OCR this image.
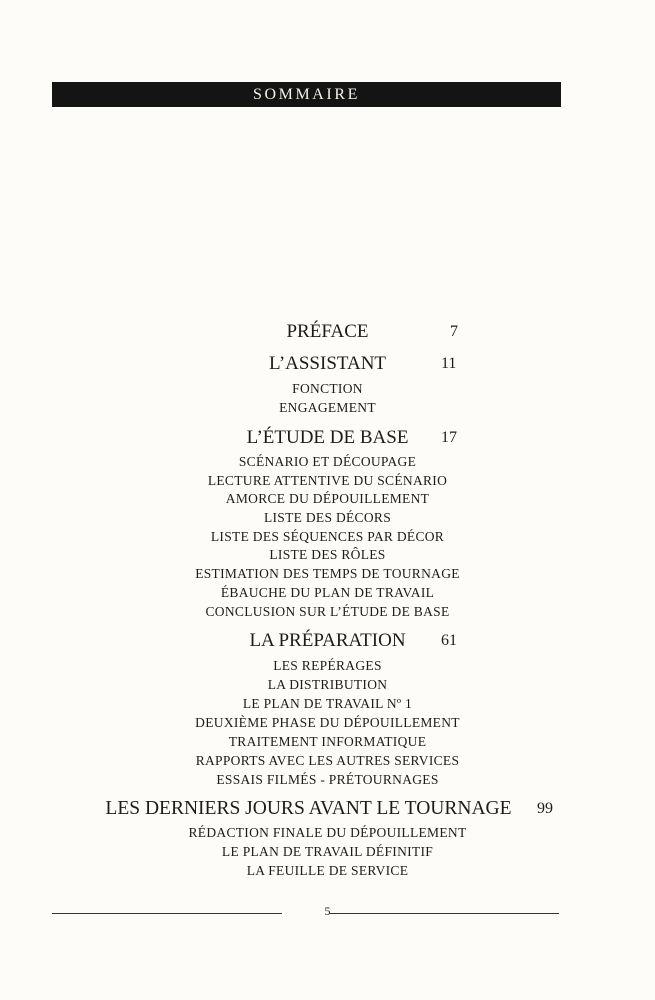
SOMMAIRE
PRÉFACE	7
L’ASSISTANT	11
FONCTION
ENGAGEMENT
L’ÉTUDE DE BASE	17
SCÉNARIO ET DÉCOUPAGE
LECTURE ATTENTIVE DU SCÉNARIO
AMORCE DU DÉPOUILLEMENT
LISTE DES DÉCORS
LISTE DES SÉQUENCES PAR DÉCOR
LISTE DES RÔLES
ESTIMATION DES TEMPS DE TOURNAGE
ÉBAUCHE DU PLAN DE TRAVAIL
CONCLUSION SUR L’ÉTUDE DE BASE
LA PRÉPARATION	61
LES REPÉRAGES
LA DISTRIBUTION
LE PLAN DE TRAVAIL Nº 1
DEUXIÈME PHASE DU DÉPOUILLEMENT
TRAITEMENT INFORMATIQUE
RAPPORTS AVEC LES AUTRES SERVICES
ESSAIS FILMÉS - PRÉTOURNAGES
LES DERNIERS JOURS AVANT LE TOURNAGE	99
RÉDACTION FINALE DU DÉPOUILLEMENT
LE PLAN DE TRAVAIL DÉFINITIF
LA FEUILLE DE SERVICE
5
